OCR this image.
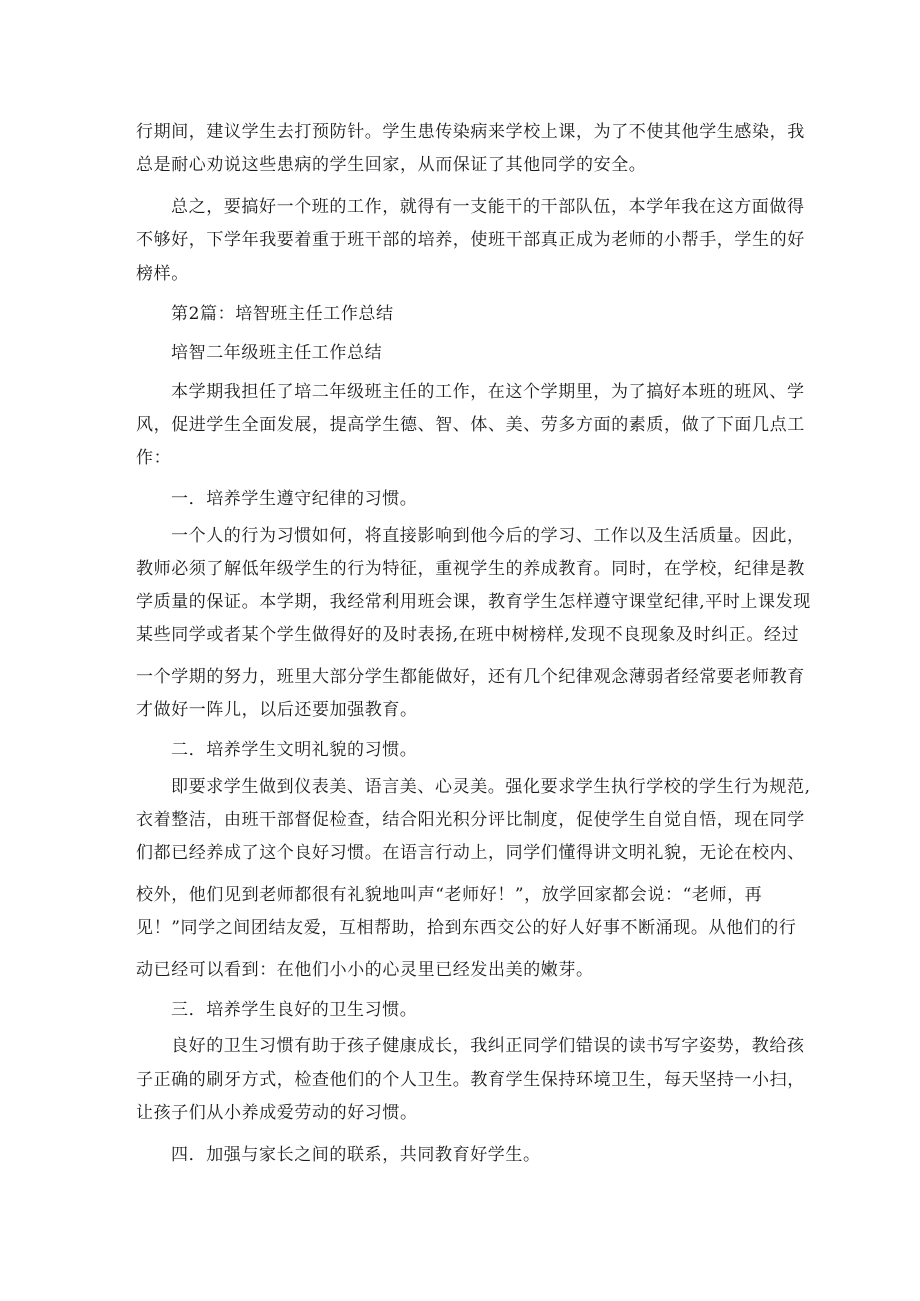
行期间，建议学生去打预防针。学生患传染病来学校上课，为了不使其他学生感染，我
总是耐心劝说这些患病的学生回家，从而保证了其他同学的安全。
总之，要搞好一个班的工作，就得有一支能干的干部队伍，本学年我在这方面做得
不够好，下学年我要着重于班干部的培养，使班干部真正成为老师的小帮手，学生的好
榜样。
第2篇：培智班主任工作总结
培智二年级班主任工作总结
本学期我担任了培二年级班主任的工作，在这个学期里，为了搞好本班的班风、学
风，促进学生全面发展，提高学生德、智、体、美、劳多方面的素质，做了下面几点工
作：
一．培养学生遵守纪律的习惯。
一个人的行为习惯如何，将直接影响到他今后的学习、工作以及生活质量。因此，
教师必须了解低年级学生的行为特征，重视学生的养成教育。同时，在学校，纪律是教
学质量的保证。本学期，我经常利用班会课，教育学生怎样遵守课堂纪律,平时上课发现
某些同学或者某个学生做得好的及时表扬,在班中树榜样,发现不良现象及时纠正。经过
一个学期的努力，班里大部分学生都能做好，还有几个纪律观念薄弱者经常要老师教育
才做好一阵儿，以后还要加强教育。
二．培养学生文明礼貌的习惯。
即要求学生做到仪表美、语言美、心灵美。强化要求学生执行学校的学生行为规范,
衣着整洁，由班干部督促检查，结合阳光积分评比制度，促使学生自觉自悟，现在同学
们都已经养成了这个良好习惯。在语言行动上，同学们懂得讲文明礼貌，无论在校内、
校外，他们见到老师都很有礼貌地叫声“老师好！”，放学回家都会说：“老师，再
见！”同学之间团结友爱，互相帮助，拾到东西交公的好人好事不断涌现。从他们的行
动已经可以看到：在他们小小的心灵里已经发出美的嫩芽。
三．培养学生良好的卫生习惯。
良好的卫生习惯有助于孩子健康成长，我纠正同学们错误的读书写字姿势，教给孩
子正确的刷牙方式，检查他们的个人卫生。教育学生保持环境卫生，每天坚持一小扫，
让孩子们从小养成爱劳动的好习惯。
四．加强与家长之间的联系，共同教育好学生。
